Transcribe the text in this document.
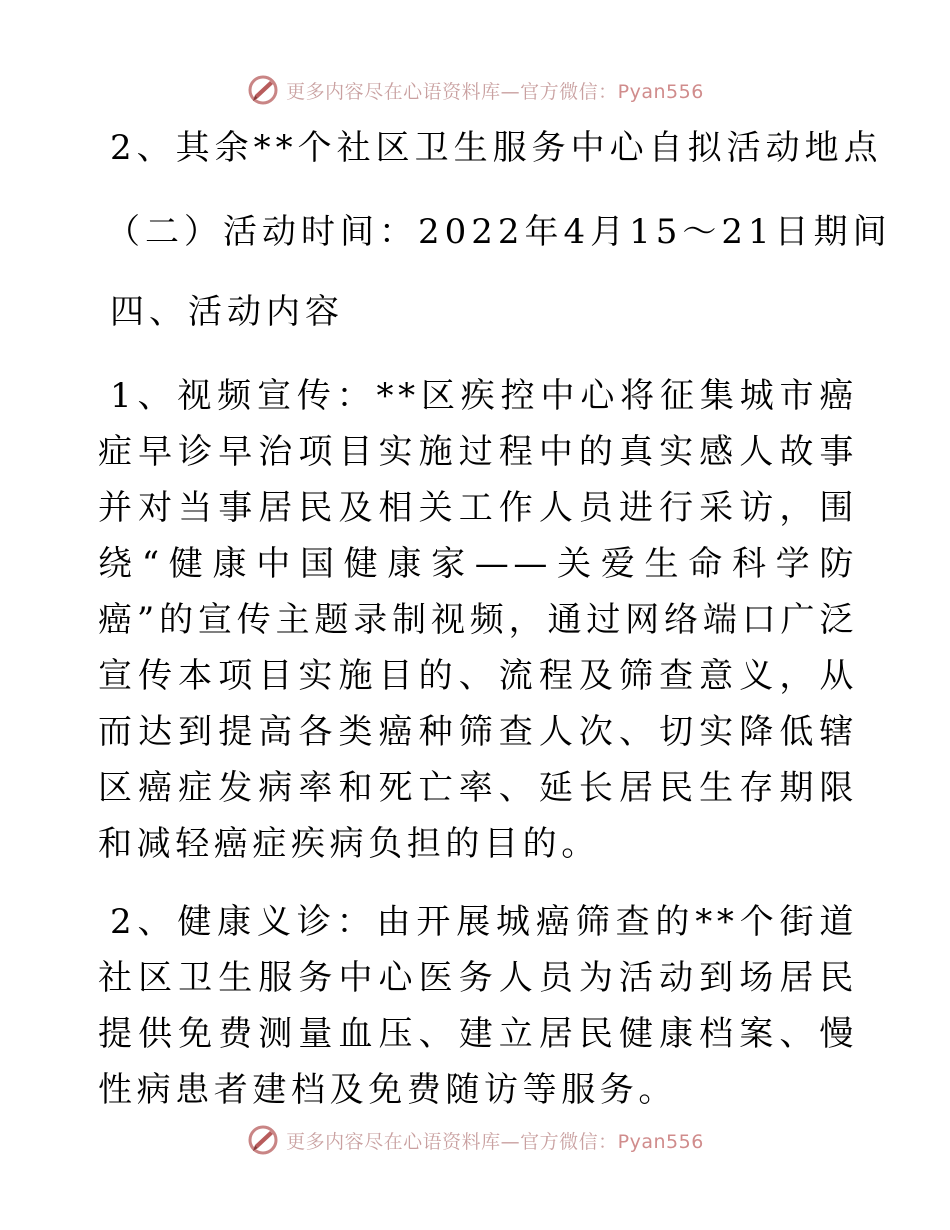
更多内容尽在心语资料库—官方微信：Pyan556
2、其余**个社区卫生服务中心自拟活动地点
（二）活动时间：2022年4月15～21日期间
四、活动内容
1、视频宣传：**区疾控中心将征集城市癌症早诊早治项目实施过程中的真实感人故事并对当事居民及相关工作人员进行采访，围绕“健康中国健康家——关爱生命科学防癌”的宣传主题录制视频，通过网络端口广泛宣传本项目实施目的、流程及筛查意义，从而达到提高各类癌种筛查人次、切实降低辖区癌症发病率和死亡率、延长居民生存期限和减轻癌症疾病负担的目的。
2、健康义诊：由开展城癌筛查的**个街道社区卫生服务中心医务人员为活动到场居民提供免费测量血压、建立居民健康档案、慢性病患者建档及免费随访等服务。
更多内容尽在心语资料库—官方微信：Pyan556
